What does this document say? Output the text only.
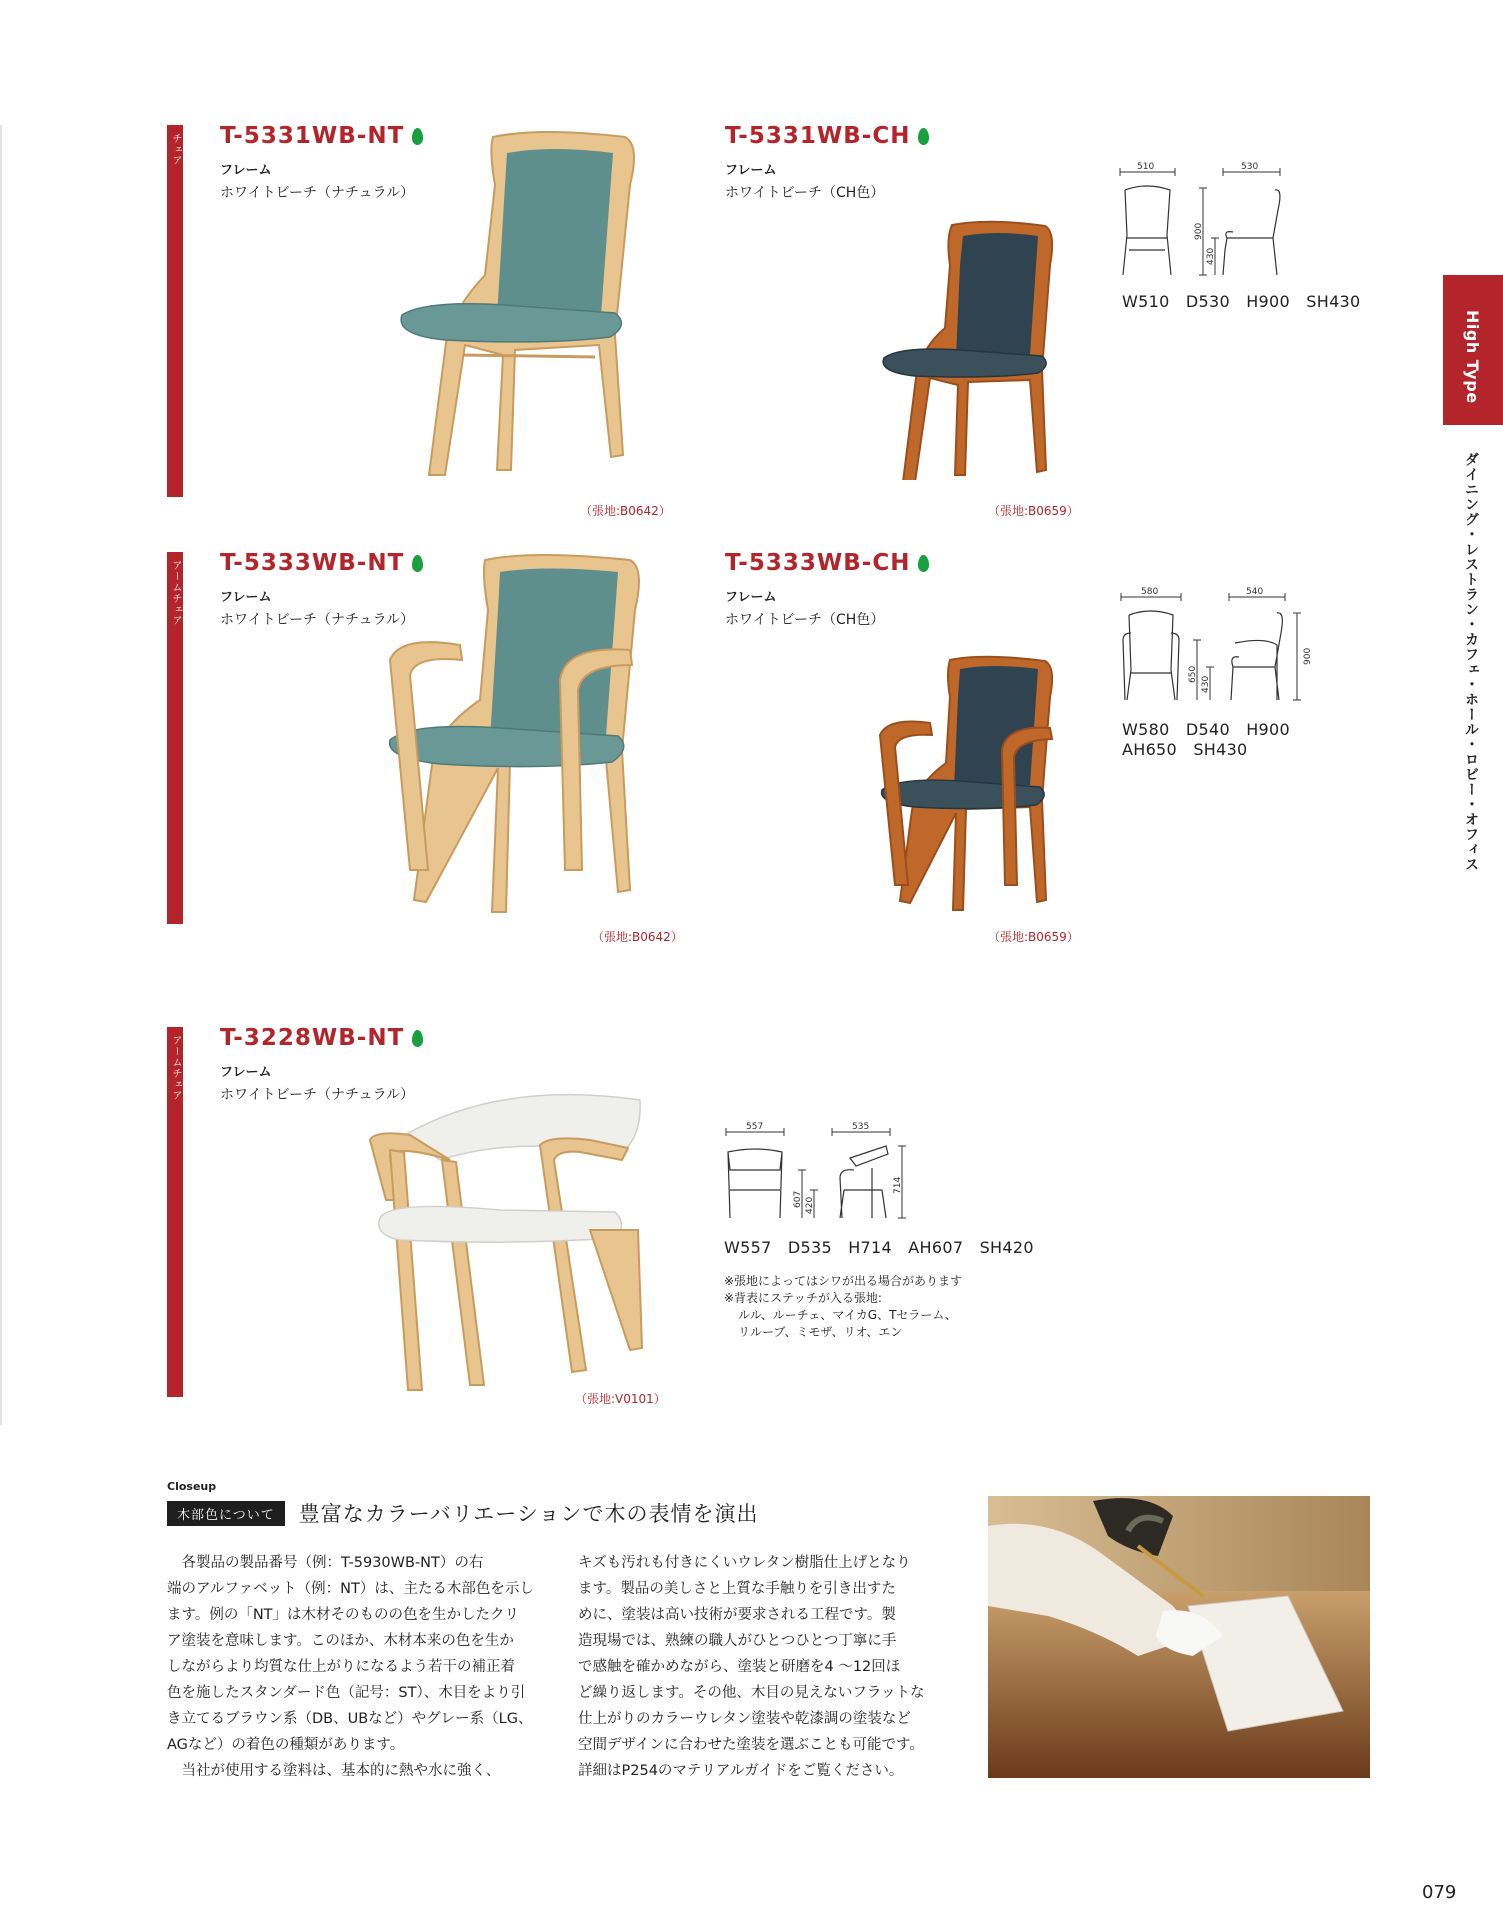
チェア T-5331WB-NT
フレーム
ホワイトビーチ（ナチュラル）
（張地:B0642）
T-5331WB-CH
フレーム
ホワイトビーチ（CH色）
（張地:B0659）
510	530
900
430
W510　D530　H900　SH430
アームチェア T-5333WB-NT
フレーム
ホワイトビーチ（ナチュラル）
（張地:B0642）
T-5333WB-CH
フレーム
ホワイトビーチ（CH色）
（張地:B0659）
580	540
650
430
900
W580　D540　H900
AH650　SH430
アームチェア T-3228WB-NT
フレーム
ホワイトビーチ（ナチュラル）
（張地:V0101）
557	535
607 420
714
W557　D535　H714　AH607　SH420
※張地によってはシワが出る場合があります
※背表にステッチが入る張地:
ルル、ルーチェ、マイカG、Tセラーム、
リルーブ、ミモザ、リオ、エン
High Type
ダイニング・レストラン・カフェ・ホール・ロビー・オフィス
Closeup
木部色について	豊富なカラーバリエーションで木の表情を演出
　各製品の製品番号（例：T-5930WB-NT）の右
端のアルファベット（例：NT）は、主たる木部色を示し
ます。例の「NT」は木材そのものの色を生かしたクリ
ア塗装を意味します。このほか、木材本来の色を生か
しながらより均質な仕上がりになるよう若干の補正着
色を施したスタンダード色（記号：ST）、木目をより引
き立てるブラウン系（DB、UBなど）やグレー系（LG、
AGなど）の着色の種類があります。
　当社が使用する塗料は、基本的に熱や水に強く、
キズも汚れも付きにくいウレタン樹脂仕上げとなり
ます。製品の美しさと上質な手触りを引き出すた
めに、塗装は高い技術が要求される工程です。製
造現場では、熟練の職人がひとつひとつ丁寧に手
で感触を確かめながら、塗装と研磨を4 〜12回ほ
ど繰り返します。その他、木目の見えないフラットな
仕上がりのカラーウレタン塗装や乾漆調の塗装など
空間デザインに合わせた塗装を選ぶことも可能です。
詳細はP254のマテリアルガイドをご覧ください。
079
